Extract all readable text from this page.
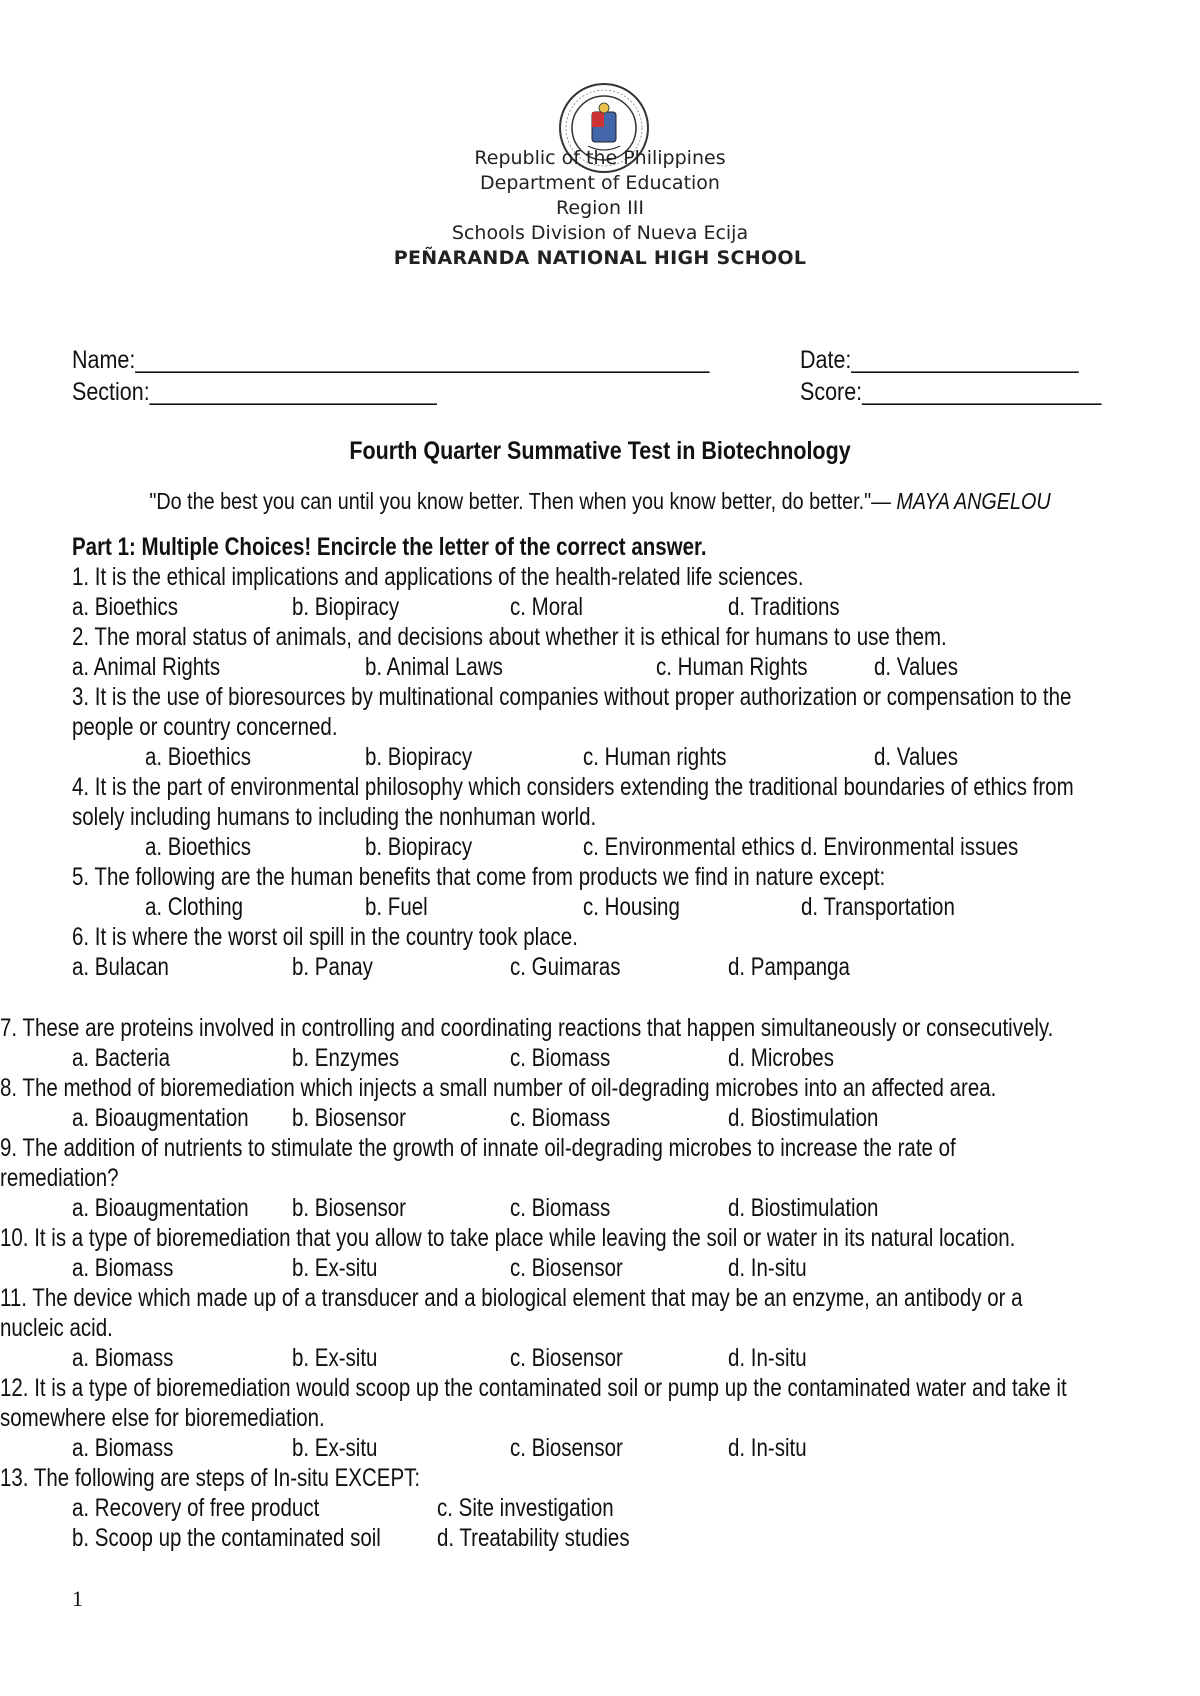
Republic of the Philippines
Department of Education
Region III
Schools Division of Nueva Ecija
PEÑARANDA NATIONAL HIGH SCHOOL
Name:________________________________________________	Date:___________________
Section:________________________	Score:____________________
Fourth Quarter Summative Test in Biotechnology
"Do the best you can until you know better. Then when you know better, do better."— MAYA ANGELOU
Part 1: Multiple Choices! Encircle the letter of the correct answer.
1. It is the ethical implications and applications of the health-related life sciences.
a. Bioethics	b. Biopiracy	c. Moral	d. Traditions
2. The moral status of animals, and decisions about whether it is ethical for humans to use them.
a. Animal Rights	b. Animal Laws	c. Human Rights	d. Values
3. It is the use of bioresources by multinational companies without proper authorization or compensation to the
people or country concerned.
a. Bioethics	b. Biopiracy	c. Human rights	d. Values
4. It is the part of environmental philosophy which considers extending the traditional boundaries of ethics from
solely including humans to including the nonhuman world.
a. Bioethics	b. Biopiracy	c. Environmental ethics d. Environmental issues
5. The following are the human benefits that come from products we find in nature except:
a. Clothing	b. Fuel	c. Housing	d. Transportation
6. It is where the worst oil spill in the country took place.
a. Bulacan	b. Panay	c. Guimaras	d. Pampanga
7. These are proteins involved in controlling and coordinating reactions that happen simultaneously or consecutively.
a. Bacteria	b. Enzymes	c. Biomass	d. Microbes
8. The method of bioremediation which injects a small number of oil-degrading microbes into an affected area.
a. Bioaugmentation b. Biosensor	c. Biomass	d. Biostimulation
9. The addition of nutrients to stimulate the growth of innate oil-degrading microbes to increase the rate of
remediation?
a. Bioaugmentation b. Biosensor	c. Biomass	d. Biostimulation
10. It is a type of bioremediation that you allow to take place while leaving the soil or water in its natural location.
a. Biomass	b. Ex-situ	c. Biosensor	d. In-situ
11. The device which made up of a transducer and a biological element that may be an enzyme, an antibody or a
nucleic acid.
a. Biomass	b. Ex-situ	c. Biosensor	d. In-situ
12. It is a type of bioremediation would scoop up the contaminated soil or pump up the contaminated water and take it
somewhere else for bioremediation.
a. Biomass	b. Ex-situ	c. Biosensor	d. In-situ
13. The following are steps of In-situ EXCEPT:
a. Recovery of free product	c. Site investigation
b. Scoop up the contaminated soil d. Treatability studies
1
